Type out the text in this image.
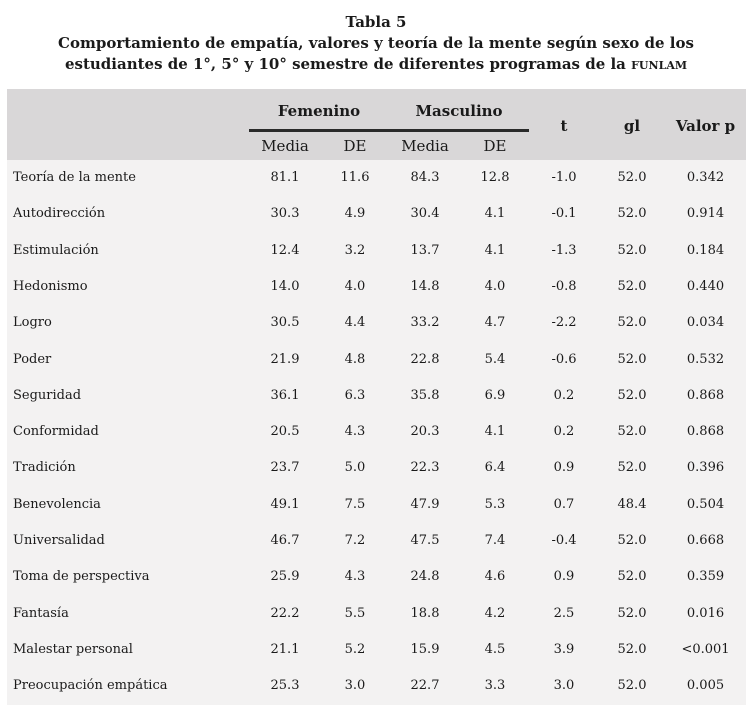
Tabla 5
Comportamiento de empatía, valores y teoría de la mente según sexo de los
estudiantes de 1°, 5° y 10° semestre de diferentes programas de la funlam
Femenino	Masculino
Media	DE	Media	DE
t	gl	Valor p
Teoría de la mente	81.1	11.6	84.3	12.8	-1.0	52.0	0.342
Autodirección	30.3	4.9	30.4	4.1	-0.1	52.0	0.914
Estimulación	12.4	3.2	13.7	4.1	-1.3	52.0	0.184
Hedonismo	14.0	4.0	14.8	4.0	-0.8	52.0	0.440
Logro	30.5	4.4	33.2	4.7	-2.2	52.0	0.034
Poder	21.9	4.8	22.8	5.4	-0.6	52.0	0.532
Seguridad	36.1	6.3	35.8	6.9	0.2	52.0	0.868
Conformidad	20.5	4.3	20.3	4.1	0.2	52.0	0.868
Tradición	23.7	5.0	22.3	6.4	0.9	52.0	0.396
Benevolencia	49.1	7.5	47.9	5.3	0.7	48.4	0.504
Universalidad	46.7	7.2	47.5	7.4	-0.4	52.0	0.668
Toma de perspectiva	25.9	4.3	24.8	4.6	0.9	52.0	0.359
Fantasía	22.2	5.5	18.8	4.2	2.5	52.0	0.016
Malestar personal	21.1	5.2	15.9	4.5	3.9	52.0	<0.001
Preocupación empática	25.3	3.0	22.7	3.3	3.0	52.0	0.005
